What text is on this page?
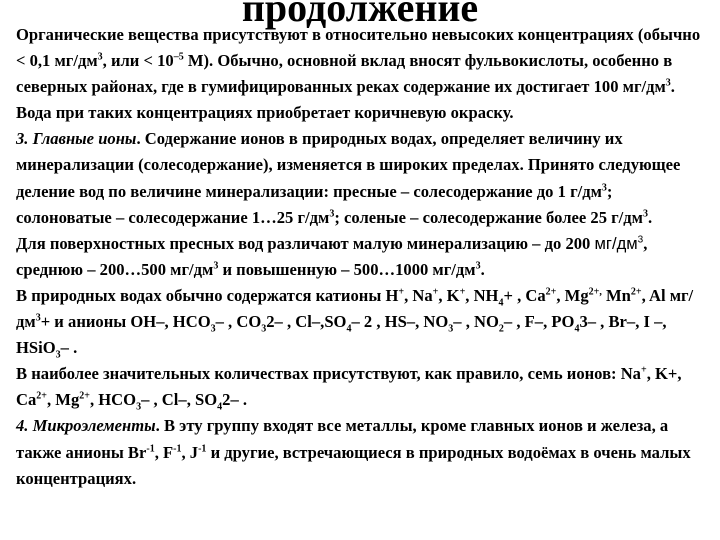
продолжение

Органические вещества присутствуют в относительно невысоких концентрациях (обычно < 0,1 $мг/дм^3$, или < $10^{-5}$ М). Обычно, основной вклад вносят фульвокислоты, особенно в северных районах, где в гумифицированных реках содержание их достигает 100 $мг/дм^3$. Вода при таких концентрациях приобретает коричневую окраску.

3. Главные ионы. Содержание ионов в природных водах, определяет величину их минерализации (солесодержание), изменяется в широких пределах. Принято следующее деление вод по величине минерализации: пресные – солесодержание до 1 $г/дм^3$; солоноватые – солесодержание 1…25 $г/дм^3$; соленые – солесодержание более 25 $г/дм^3$.

Для поверхностных пресных вод различают малую минерализацию – до 200 $мг/дм^3$, среднюю – 200…500 $мг/дм^3$ и повышенную – 500…1000 $мг/дм^3$.

В природных водах обычно содержатся катионы H+, Na+, K+, $NH_4+$ , $Ca^{2+}$, $Mg^{2+,}$ $Mn^{2+}$, Al $мг/дм^3+ и$ анионы OH–, $HCO_3-$ , $CO_32-$ , $Cl-,SO_4-$ 2 , HS–, $NO_3-$ , $NO_2-$ , F–, $PO_43-$ , Br–, I –, HSiO$_3$– .

В наиболее значительных количествах присутствуют, как правило, семь ионов: Na+, K+, $Ca^{2+}$, $Mg^{2+}$, $HCO_3-$ , Cl–, $SO_42-$ .

4. Микроэлементы. В эту группу входят все металлы, кроме главных ионов и железа, а также анионы $Br^{-1}$, $F^{-1}$, $J^{-1}$ и другие, встречающиеся в природных водоёмах в очень малых концентрациях.
